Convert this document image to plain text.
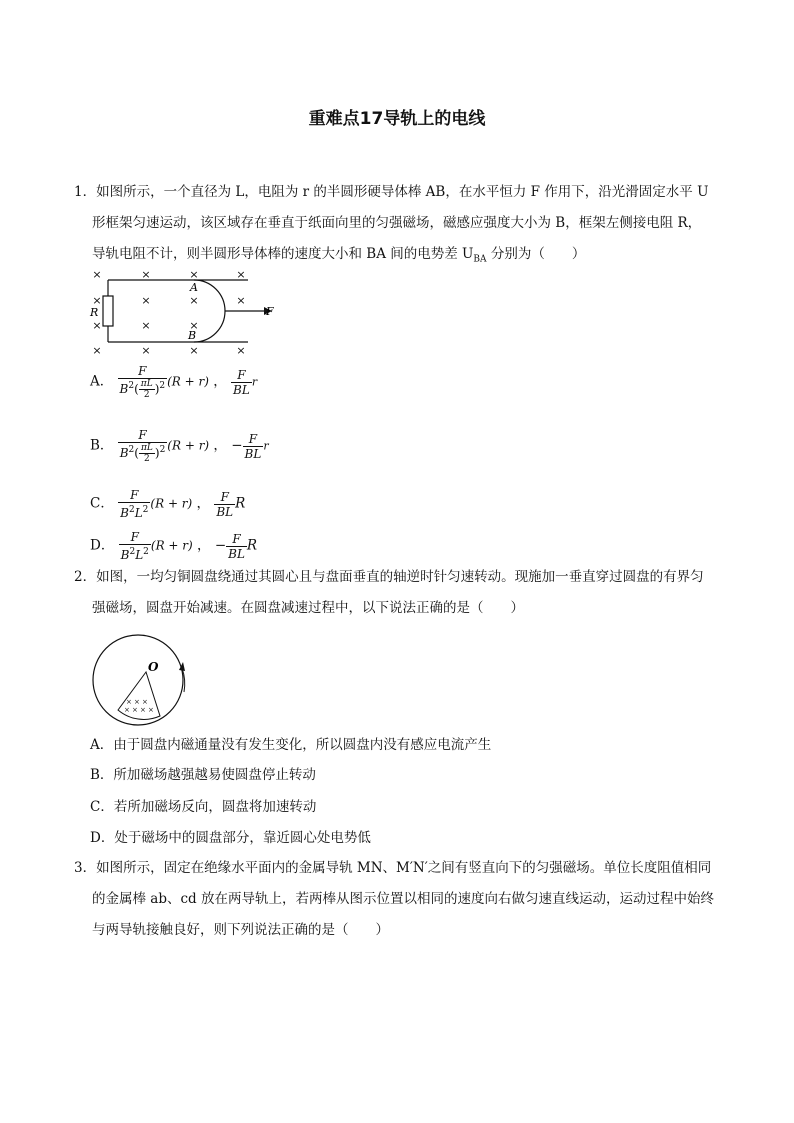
重难点17导轨上的电线
1．如图所示，一个直径为 L，电阻为 r 的半圆形硬导体棒 AB，在水平恒力 F 作用下，沿光滑固定水平 U
形框架匀速运动，该区域存在垂直于纸面向里的匀强磁场，磁感应强度大小为 B，框架左侧接电阻 R，
导轨电阻不计，则半圆形导体棒的速度大小和 BA 间的电势差 $U_{BA}$ 分别为（　　）
×	×	×	×
×	×	×	×
×	×	×
×	×	×	×
A
B
R	F
A． $\frac{F}{B^2( \frac{\pi L}{2} )^2} (R + r)$ ， $\frac{F}{BL}$ r
B． $\frac{F}{B^2( \frac{\pi L}{2} )^2} (R + r)$ ， − $\frac{F}{BL}$ r
C． $\frac{F}{B^2L^2} (R + r)$ ， $\frac{F}{BL}$ R
D． $\frac{F}{B^2L^2} (R + r)$ ， − $\frac{F}{BL}$ R
2．如图，一均匀铜圆盘绕通过其圆心且与盘面垂直的轴逆时针匀速转动。现施加一垂直穿过圆盘的有界匀
强磁场，圆盘开始减速。在圆盘减速过程中，以下说法正确的是（　　）
× × ×
× × × ×
O
A．由于圆盘内磁通量没有发生变化，所以圆盘内没有感应电流产生
B．所加磁场越强越易使圆盘停止转动
C．若所加磁场反向，圆盘将加速转动
D．处于磁场中的圆盘部分，靠近圆心处电势低
3．如图所示，固定在绝缘水平面内的金属导轨 MN、M′N′之间有竖直向下的匀强磁场。单位长度阻值相同
的金属棒 ab、cd 放在两导轨上，若两棒从图示位置以相同的速度向右做匀速直线运动，运动过程中始终
与两导轨接触良好，则下列说法正确的是（　　）
